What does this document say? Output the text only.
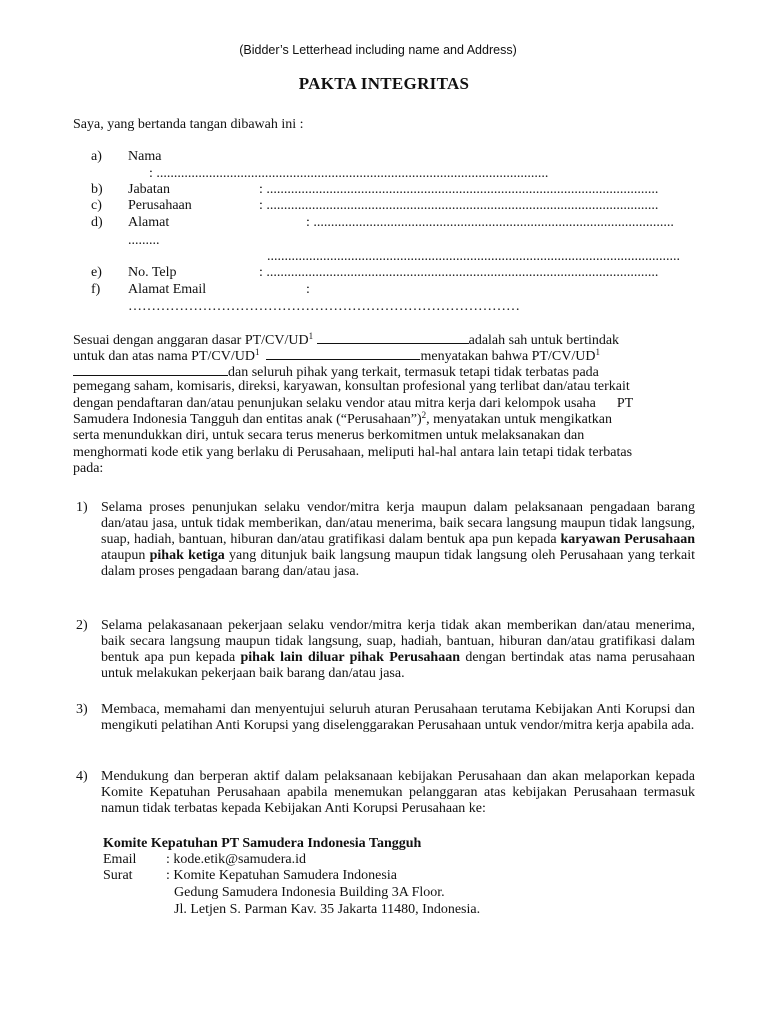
(Bidder’s Letterhead including name and Address)
PAKTA INTEGRITAS
Saya, yang bertanda tangan dibawah ini :
a) Nama
: ................................................................................................................
b) Jabatan	: ................................................................................................................
c) Perusahaan	: ................................................................................................................
d) Alamat	: .......................................................................................................
.........
......................................................................................................................
e) No. Telp	: ................................................................................................................
f) Alamat Email	:
…………………………………………………………………………
Sesuai dengan anggaran dasar $PT/CV/UD^1$	adalah sah untuk bertindak
untuk dan atas nama $PT/CV/UD^1$	menyatakan bahwa $PT/CV/UD^1$
dan seluruh pihak yang terkait, termasuk tetapi tidak terbatas pada
pemegang saham, komisaris, direksi, karyawan, konsultan profesional yang terlibat dan/atau terkait
dengan pendaftaran dan/atau penunjukan selaku vendor atau mitra kerja dari kelompok usaha      PT
Samudera Indonesia Tangguh dan entitas anak (“Perusahaan”)$^2$, menyatakan untuk mengikatkan
serta menundukkan diri, untuk secara terus menerus berkomitmen untuk melaksanakan dan
menghormati kode etik yang berlaku di Perusahaan, meliputi hal-hal antara lain tetapi tidak terbatas
pada:
1) Selama proses penunjukan selaku vendor/mitra kerja maupun dalam pelaksanaan pengadaan barang dan/atau jasa, untuk tidak memberikan, dan/atau menerima, baik secara langsung maupun tidak langsung, suap, hadiah, bantuan, hiburan dan/atau gratifikasi dalam bentuk apa pun kepada karyawan Perusahaan ataupun pihak ketiga yang ditunjuk baik langsung maupun tidak langsung oleh Perusahaan yang terkait dalam proses pengadaan barang dan/atau jasa.
2) Selama pelakasanaan pekerjaan selaku vendor/mitra kerja tidak akan memberikan dan/atau menerima, baik secara langsung maupun tidak langsung, suap, hadiah, bantuan, hiburan dan/atau gratifikasi dalam bentuk apa pun kepada pihak lain diluar pihak Perusahaan dengan bertindak atas nama perusahaan untuk melakukan pekerjaan baik barang dan/atau jasa.
3) Membaca, memahami dan menyentujui seluruh aturan Perusahaan terutama Kebijakan Anti Korupsi dan mengikuti pelatihan Anti Korupsi yang diselenggarakan Perusahaan untuk vendor/mitra kerja apabila ada.
4) Mendukung dan berperan aktif dalam pelaksanaan kebijakan Perusahaan dan akan melaporkan kepada Komite Kepatuhan Perusahaan apabila menemukan pelanggaran atas kebijakan Perusahaan termasuk namun tidak terbatas kepada Kebijakan Anti Korupsi Perusahaan ke:
Komite Kepatuhan PT Samudera Indonesia Tangguh
Email : kode.etik@samudera.id
Surat : Komite Kepatuhan Samudera Indonesia
Gedung Samudera Indonesia Building 3A Floor.
Jl. Letjen S. Parman Kav. 35 Jakarta 11480, Indonesia.
